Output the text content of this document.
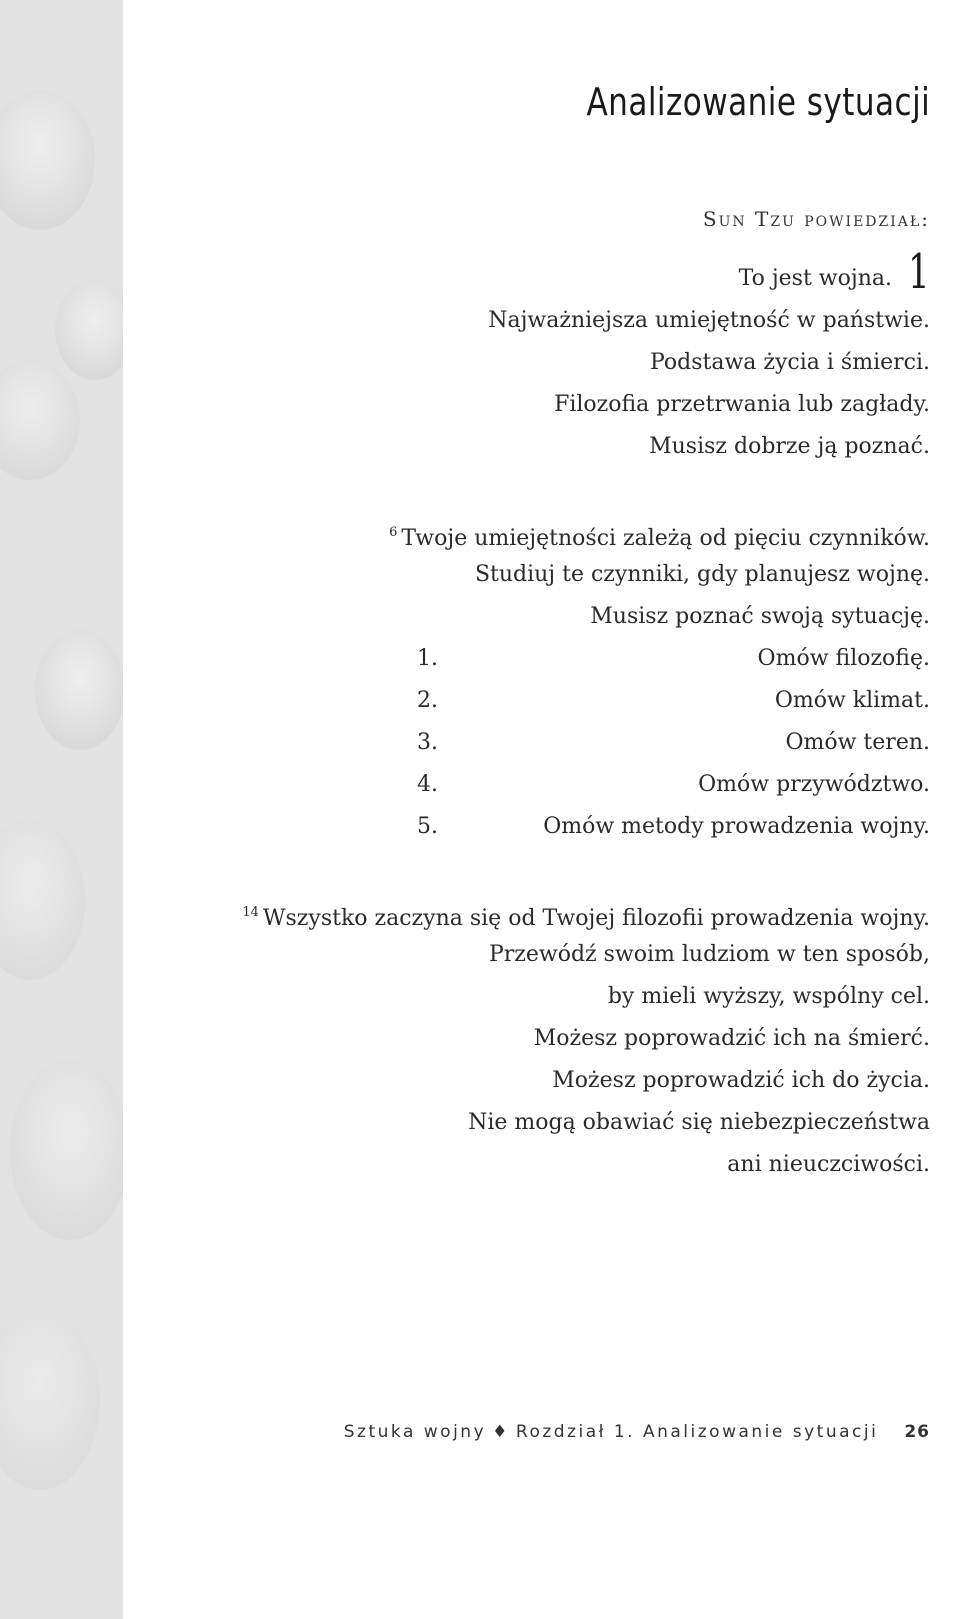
Analizowanie sytuacji
Sun Tzu powiedział:
1
To jest wojna.
Najważniejsza umiejętność w państwie.
Podstawa życia i śmierci.
Filozofia przetrwania lub zagłady.
Musisz dobrze ją poznać.
$^6$ Twoje umiejętności zależą od pięciu czynników.
Studiuj te czynniki, gdy planujesz wojnę.
Musisz poznać swoją sytuację.
1.	Omów filozofię.
2.	Omów klimat.
3.	Omów teren.
4.	Omów przywództwo.
5.	Omów metody prowadzenia wojny.
$^{14}$ Wszystko zaczyna się od Twojej filozofii prowadzenia wojny.
Przewódź swoim ludziom w ten sposób,
by mieli wyższy, wspólny cel.
Możesz poprowadzić ich na śmierć.
Możesz poprowadzić ich do życia.
Nie mogą obawiać się niebezpieczeństwa
ani nieuczciwości.
Sztuka wojny ♦ Rozdział 1. Analizowanie sytuacji 26
